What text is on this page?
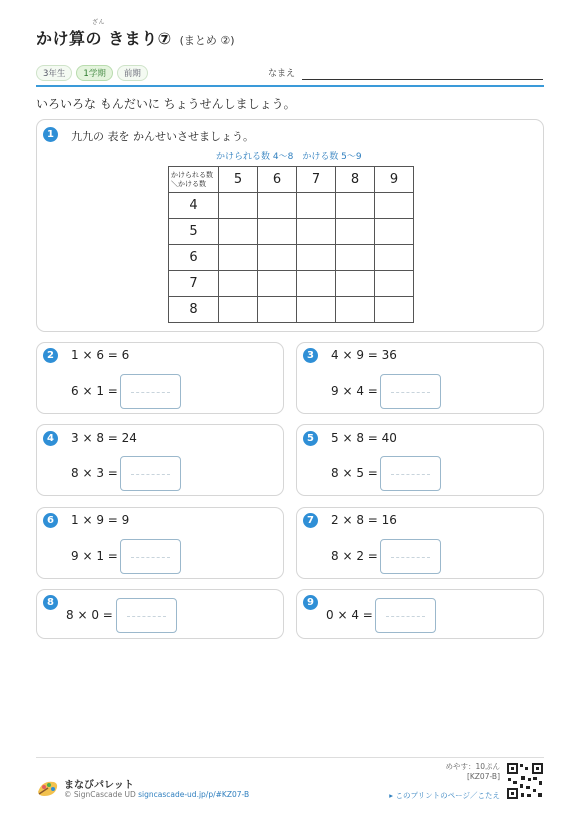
ざん
かけ算の きまり⑦ (まとめ ②)
3年生	1学期	前期	なまえ
いろいろな もんだいに ちょうせんしましょう。
1	九九の 表を かんせいさせましょう。
かけられる数 4～8　かける数 5～9
かけられる数
＼かける数	5	6	7	8	9
4					
5					
6					
7					
8					
2	1 × 6 = 6
6 × 1 =
3	4 × 9 = 36
9 × 4 =
4	3 × 8 = 24
8 × 3 =
5	5 × 8 = 40
8 × 5 =
6	1 × 9 = 9
9 × 1 =
7	2 × 8 = 16
8 × 2 =
8
8 × 0 =
9
0 × 4 =
まなびパレット
© SignCascade UD signcascade-ud.jp/p/#KZ07-B
めやす：10ぷん
[KZ07-B]
▸ このプリントのページ／こたえ
